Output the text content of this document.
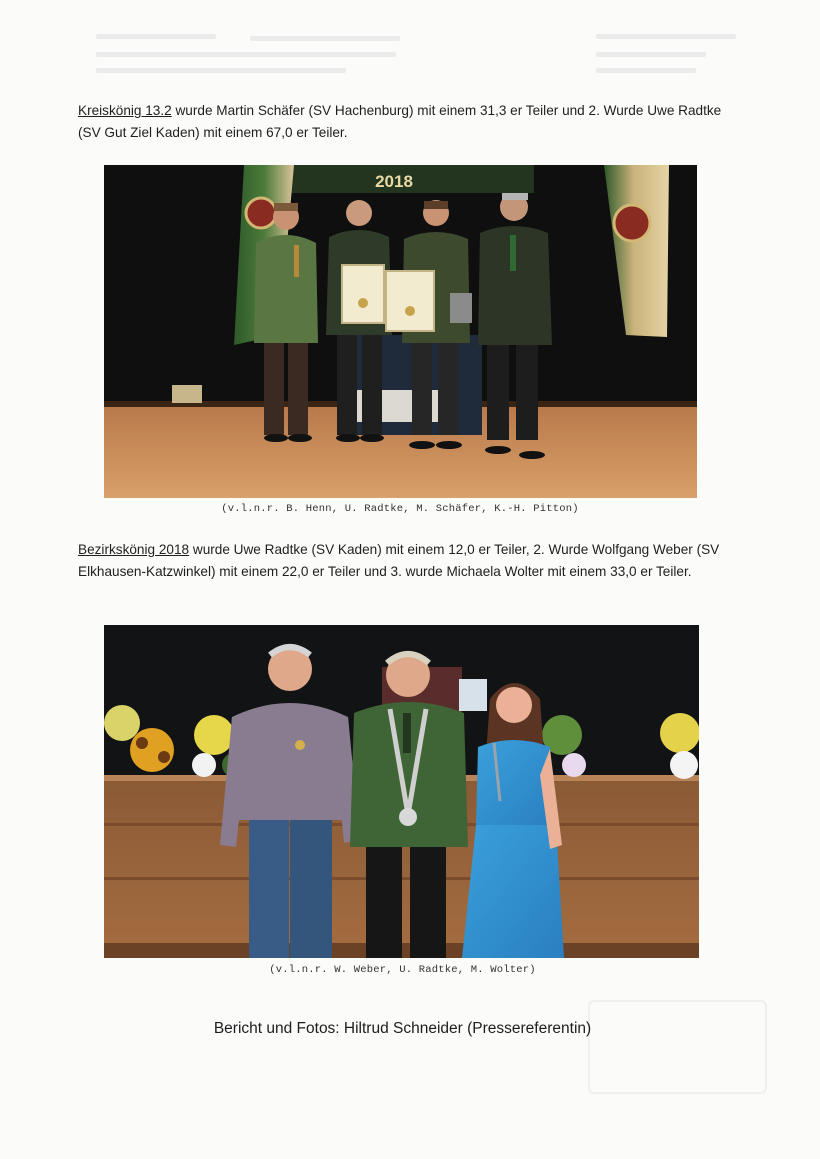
Kreiskönig 13.2 wurde Martin Schäfer (SV Hachenburg) mit einem 31,3 er Teiler und 2. Wurde Uwe Radtke (SV Gut Ziel Kaden) mit einem 67,0 er Teiler.

2018
(v.l.n.r. B. Henn, U. Radtke, M. Schäfer, K.-H. Pitton)

Bezirkskönig 2018 wurde Uwe Radtke (SV Kaden) mit einem 12,0 er Teiler, 2. Wurde Wolfgang Weber (SV Elkhausen-Katzwinkel) mit einem 22,0 er Teiler und 3. wurde Michaela Wolter mit einem 33,0 er Teiler.

(v.l.n.r. W. Weber, U. Radtke, M. Wolter)
Bericht und Fotos: Hiltrud Schneider (Pressereferentin)
